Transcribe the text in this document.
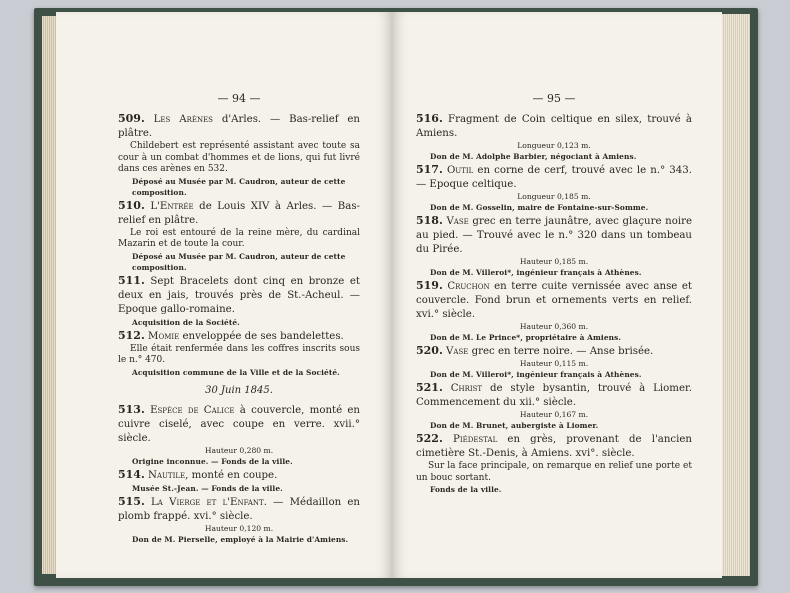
— 94 —

509. Les Arènes d'Arles. — Bas-relief en plâtre.

Childebert est représenté assistant avec toute sa cour à un combat d'hommes et de lions, qui fut livré dans ces arènes en 532.

Déposé au Musée par M. Caudron, auteur de cette composition.

510. L'Entrée de Louis XIV à Arles. — Bas-relief en plâtre.

Le roi est entouré de la reine mère, du cardinal Mazarin et de toute la cour.

Déposé au Musée par M. Caudron, auteur de cette composition.

511. Sept Bracelets dont cinq en bronze et deux en jais, trouvés près de St.-Acheul. — Epoque gallo-romaine.

Acquisition de la Société.

512. Momie enveloppée de ses bandelettes.

Elle était renfermée dans les coffres inscrits sous le n.° 470.

Acquisition commune de la Ville et de la Société.

30 Juin 1845.

513. Espèce de Calice à couvercle, monté en cuivre ciselé, avec coupe en verre. xvii.° siècle.

Hauteur 0,280 m.

Origine inconnue. — Fonds de la ville.

514. Nautile, monté en coupe.

Musée St.-Jean. — Fonds de la ville.

515. La Vierge et l'Enfant. — Médaillon en plomb frappé. xvi.° siècle.

Hauteur 0,120 m.

Don de M. Pierselle, employé à la Mairie d'Amiens.

— 95 —

516. Fragment de Coin celtique en silex, trouvé à Amiens.

Longueur 0,123 m.

Don de M. Adolphe Barbier, négociant à Amiens.

517. Outil en corne de cerf, trouvé avec le n.° 343. — Epoque celtique.

Longueur 0,185 m.

Don de M. Gosselin, maire de Fontaine-sur-Somme.

518. Vase grec en terre jaunâtre, avec glaçure noire au pied. — Trouvé avec le n.° 320 dans un tombeau du Pirée.

Hauteur 0,185 m.

Don de M. Villeroi*, ingénieur français à Athènes.

519. Cruchon en terre cuite vernissée avec anse et couvercle. Fond brun et ornements verts en relief. xvi.° siècle.

Hauteur 0,360 m.

Don de M. Le Prince*, propriétaire à Amiens.

520. Vase grec en terre noire. — Anse brisée.

Hauteur 0,115 m.

Don de M. Villeroi*, ingénieur français à Athènes.

521. Christ de style bysantin, trouvé à Liomer. Commencement du xii.° siècle.

Hauteur 0,167 m.

Don de M. Brunet, aubergiste à Liomer.

522. Piédestal en grès, provenant de l'ancien cimetière St.-Denis, à Amiens. xvi°. siècle.

Sur la face principale, on remarque en relief une porte et un bouc sortant.

Fonds de la ville.
